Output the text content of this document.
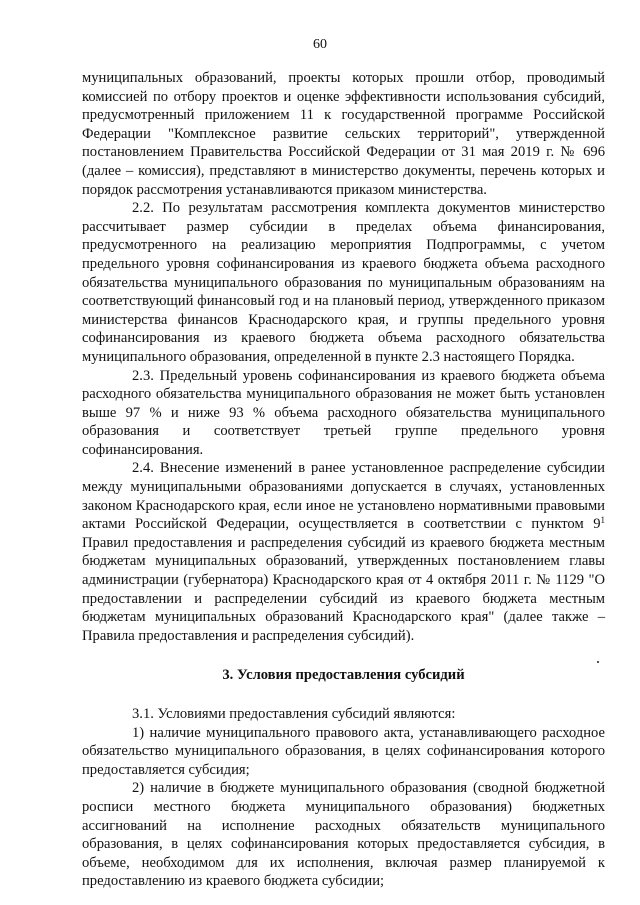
60

муниципальных образований, проекты которых прошли отбор, проводимый комиссией по отбору проектов и оценке эффективности использования субсидий, предусмотренный приложением 11 к государственной программе Российской Федерации "Комплексное развитие сельских территорий", утвержденной постановлением Правительства Российской Федерации от 31 мая 2019 г. № 696 (далее – комиссия), представляют в министерство документы, перечень которых и порядок рассмотрения устанавливаются приказом министерства.

2.2. По результатам рассмотрения комплекта документов министерство рассчитывает размер субсидии в пределах объема финансирования, предусмотренного на реализацию мероприятия Подпрограммы, с учетом предельного уровня софинансирования из краевого бюджета объема расходного обязательства муниципального образования по муниципальным образованиям на соответствующий финансовый год и на плановый период, утвержденного приказом министерства финансов Краснодарского края, и группы предельного уровня софинансирования из краевого бюджета объема расходного обязательства муниципального образования, определенной в пункте 2.3 настоящего Порядка.

2.3. Предельный уровень софинансирования из краевого бюджета объема расходного обязательства муниципального образования не может быть установлен выше 97 % и ниже 93 % объема расходного обязательства муниципального образования и соответствует третьей группе предельного уровня софинансирования.

2.4. Внесение изменений в ранее установленное распределение субсидии между муниципальными образованиями допускается в случаях, установленных законом Краснодарского края, если иное не установлено нормативными правовыми актами Российской Федерации, осуществляется в соответствии с пунктом $9^1$ Правил предоставления и распределения субсидий из краевого бюджета местным бюджетам муниципальных образований, утвержденных постановлением главы администрации (губернатора) Краснодарского края от 4 октября 2011 г. № 1129 "О предоставлении и распределении субсидий из краевого бюджета местным бюджетам муниципальных образований Краснодарского края" (далее также – Правила предоставления и распределения субсидий).

3. Условия предоставления субсидий

3.1. Условиями предоставления субсидий являются:

1) наличие муниципального правового акта, устанавливающего расходное обязательство муниципального образования, в целях софинансирования которого предоставляется субсидия;

2) наличие в бюджете муниципального образования (сводной бюджетной росписи местного бюджета муниципального образования) бюджетных ассигнований на исполнение расходных обязательств муниципального образования, в целях софинансирования которых предоставляется субсидия, в объеме, необходимом для их исполнения, включая размер планируемой к предоставлению из краевого бюджета субсидии;
